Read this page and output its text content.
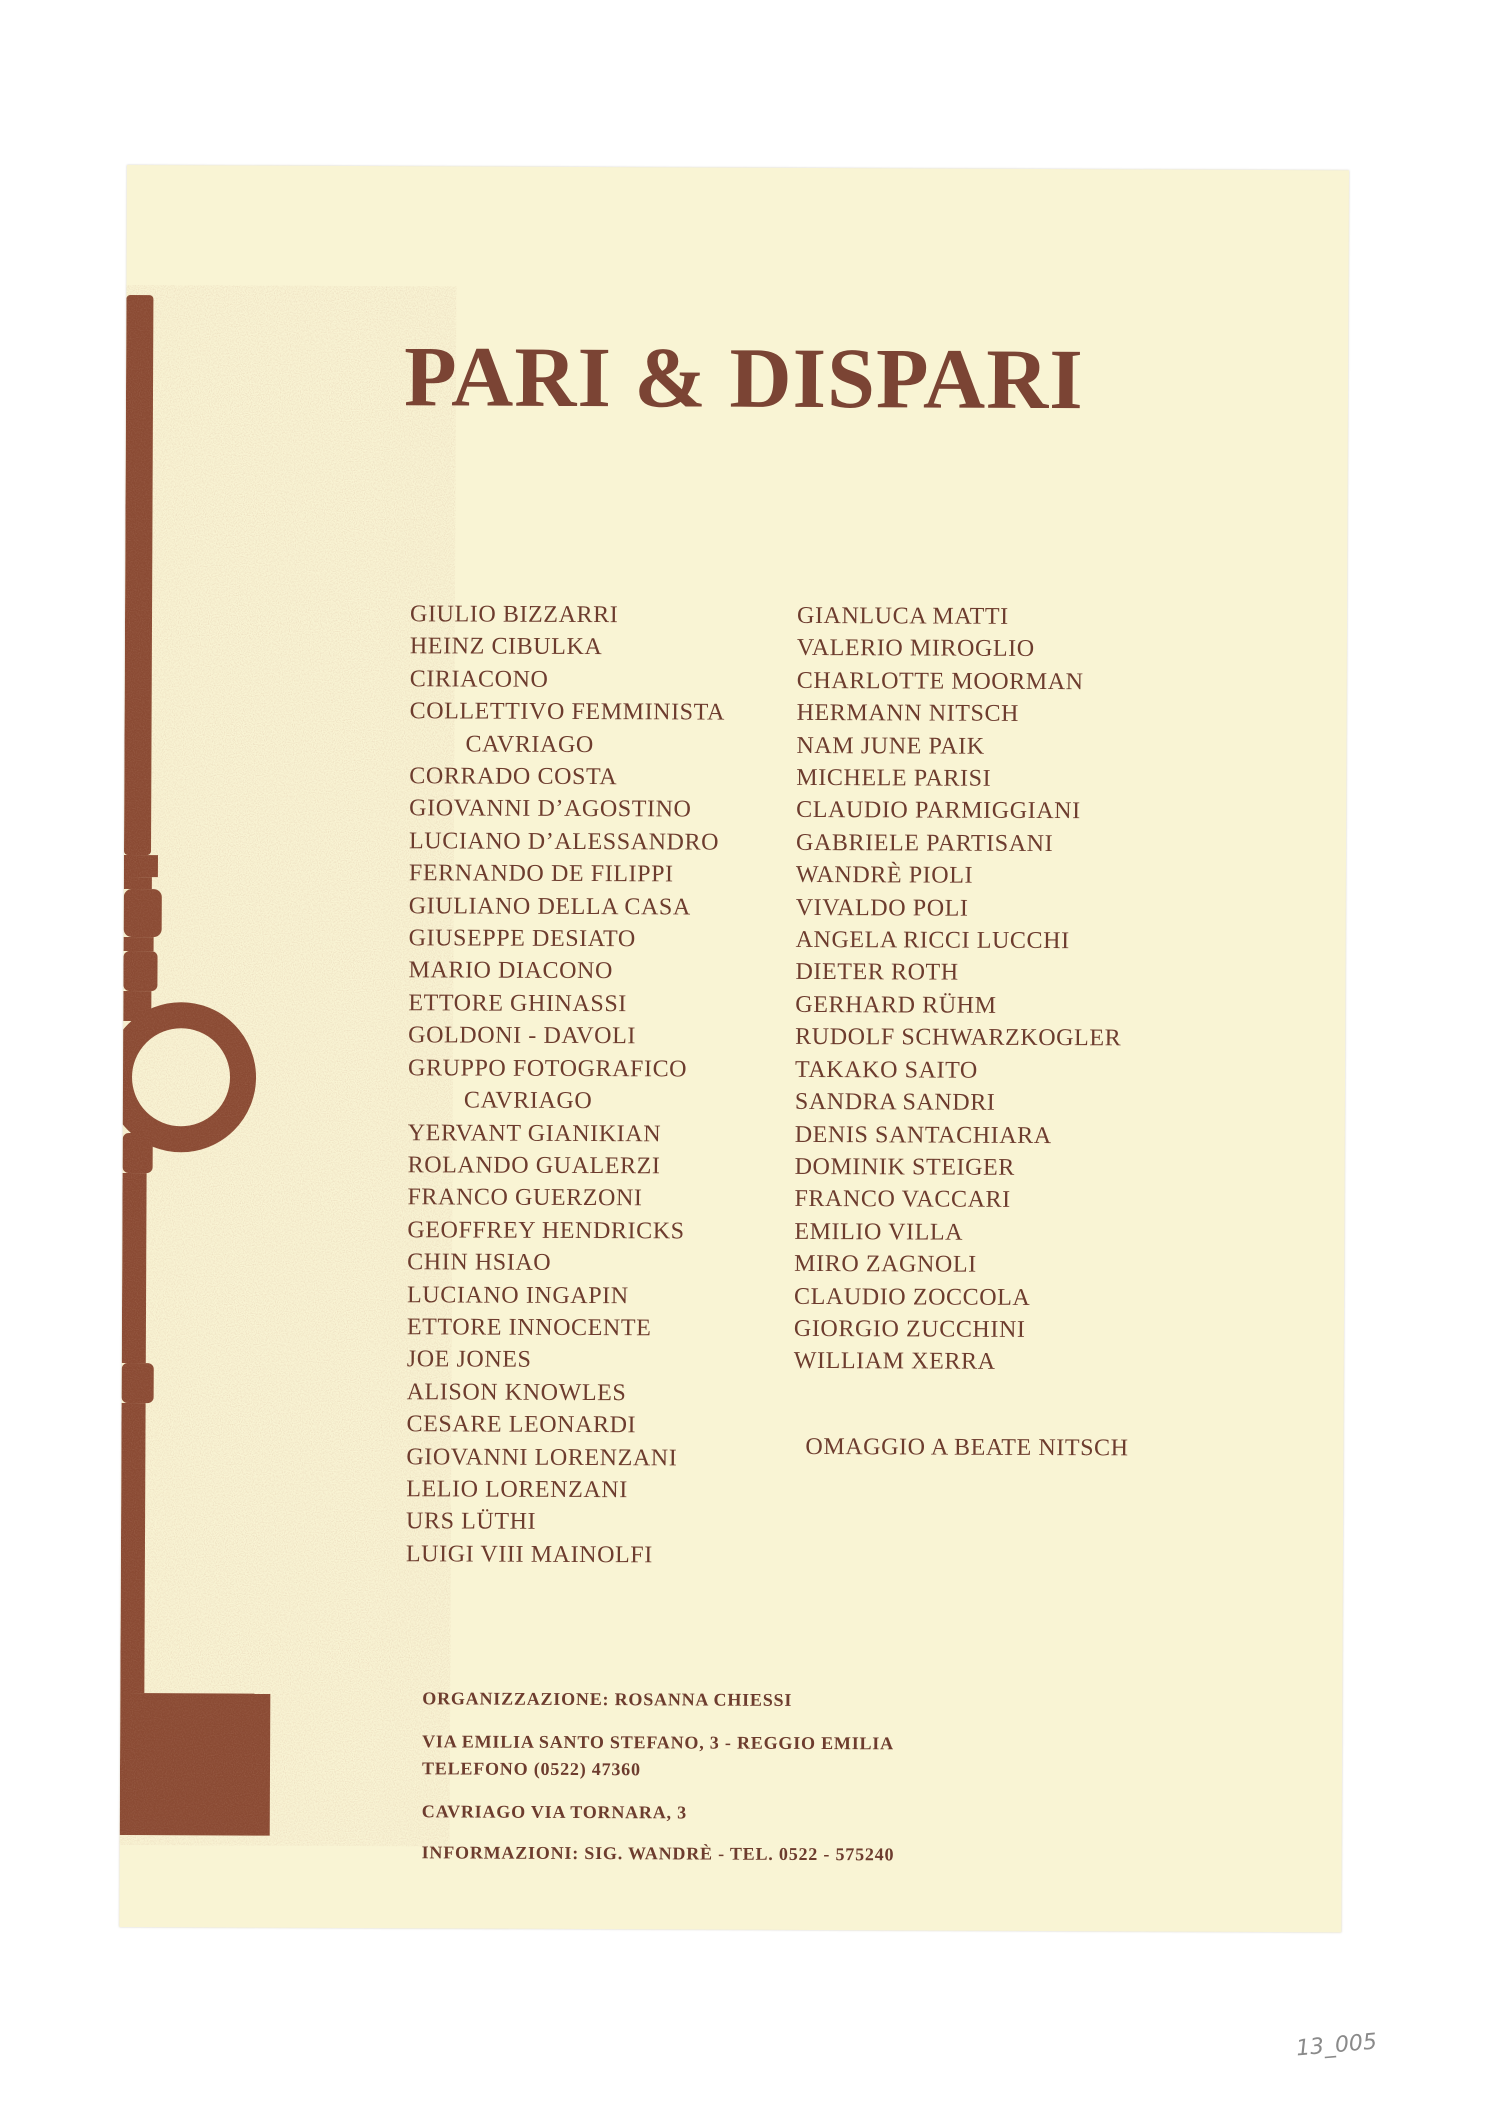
PARI & DISPARI
GIULIO BIZZARRI
HEINZ CIBULKA
CIRIACONO
COLLETTIVO FEMMINISTA
CAVRIAGO
CORRADO COSTA
GIOVANNI D’AGOSTINO
LUCIANO D’ALESSANDRO
FERNANDO DE FILIPPI
GIULIANO DELLA CASA
GIUSEPPE DESIATO
MARIO DIACONO
ETTORE GHINASSI
GOLDONI - DAVOLI
GRUPPO FOTOGRAFICO
CAVRIAGO
YERVANT GIANIKIAN
ROLANDO GUALERZI
FRANCO GUERZONI
GEOFFREY HENDRICKS
CHIN HSIAO
LUCIANO INGAPIN
ETTORE INNOCENTE
JOE JONES
ALISON KNOWLES
CESARE LEONARDI
GIOVANNI LORENZANI
LELIO LORENZANI
URS LÜTHI
LUIGI VIII MAINOLFI
GIANLUCA MATTI
VALERIO MIROGLIO
CHARLOTTE MOORMAN
HERMANN NITSCH
NAM JUNE PAIK
MICHELE PARISI
CLAUDIO PARMIGGIANI
GABRIELE PARTISANI
WANDRÈ PIOLI
VIVALDO POLI
ANGELA RICCI LUCCHI
DIETER ROTH
GERHARD RÜHM
RUDOLF SCHWARZKOGLER
TAKAKO SAITO
SANDRA SANDRI
DENIS SANTACHIARA
DOMINIK STEIGER
FRANCO VACCARI
EMILIO VILLA
MIRO ZAGNOLI
CLAUDIO ZOCCOLA
GIORGIO ZUCCHINI
WILLIAM XERRA

OMAGGIO A BEATE NITSCH

ORGANIZZAZIONE: ROSANNA CHIESSI
VIA EMILIA SANTO STEFANO, 3 - REGGIO EMILIA
TELEFONO (0522) 47360
CAVRIAGO VIA TORNARA, 3
INFORMAZIONI: SIG. WANDRÈ - TEL. 0522 - 575240
13_005
